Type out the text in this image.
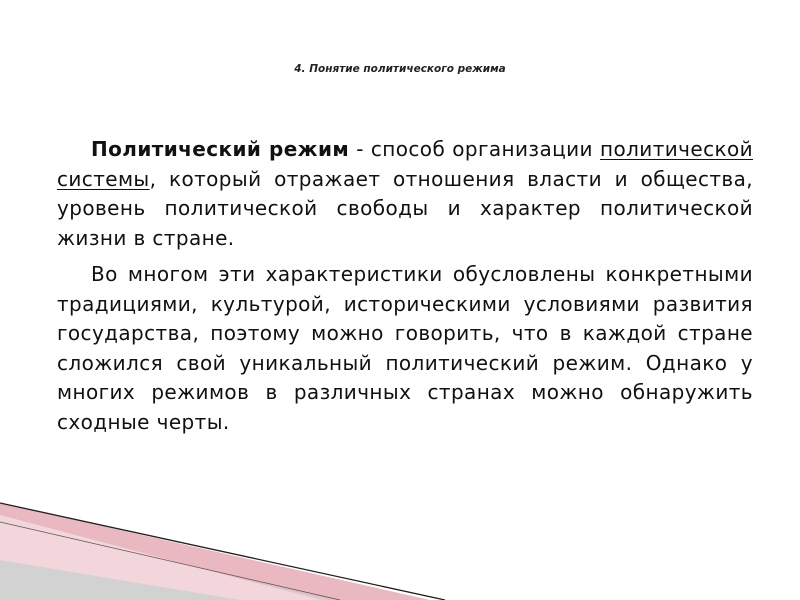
4. Понятие политического режима

Политический режим - способ организации политической системы, который отражает отношения власти и общества, уровень политической свободы и характер политической жизни в стране.

Во многом эти характеристики обусловлены конкретными традициями, культурой, историческими условиями развития государства, поэтому можно говорить, что в каждой стране сложился свой уникальный политический режим. Однако у многих режимов в различных странах можно обнаружить сходные черты.
